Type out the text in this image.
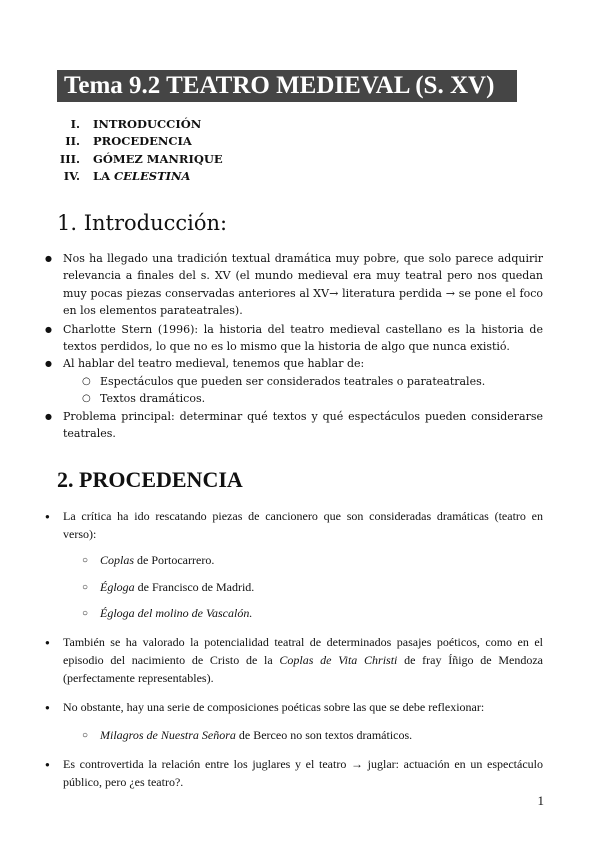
Tema 9.2 TEATRO MEDIEVAL (S. XV)
I. INTRODUCCIÓN
II. PROCEDENCIA
III. GÓMEZ MANRIQUE
IV. LA CELESTINA
1. Introducción:
● Nos ha llegado una tradición textual dramática muy pobre, que solo parece adquirir relevancia a finales del s. XV (el mundo medieval era muy teatral pero nos quedan muy pocas piezas conservadas anteriores al XV→ literatura perdida → se pone el foco en los elementos parateatrales).
● Charlotte Stern (1996): la historia del teatro medieval castellano es la historia de textos perdidos, lo que no es lo mismo que la historia de algo que nunca existió.
● Al hablar del teatro medieval, tenemos que hablar de:
○ Espectáculos que pueden ser considerados teatrales o parateatrales.
○ Textos dramáticos.
● Problema principal: determinar qué textos y qué espectáculos pueden considerarse teatrales.
2. PROCEDENCIA
● La crítica ha ido rescatando piezas de cancionero que son consideradas dramáticas (teatro en verso):
○ Coplas de Portocarrero.
○ Égloga de Francisco de Madrid.
○ Égloga del molino de Vascalón.
● También se ha valorado la potencialidad teatral de determinados pasajes poéticos, como en el episodio del nacimiento de Cristo de la Coplas de Vita Christi de fray Íñigo de Mendoza (perfectamente representables).
● No obstante, hay una serie de composiciones poéticas sobre las que se debe reflexionar:
○ Milagros de Nuestra Señora de Berceo no son textos dramáticos.
● Es controvertida la relación entre los juglares y el teatro → juglar: actuación en un espectáculo público, pero ¿es teatro?.
1
